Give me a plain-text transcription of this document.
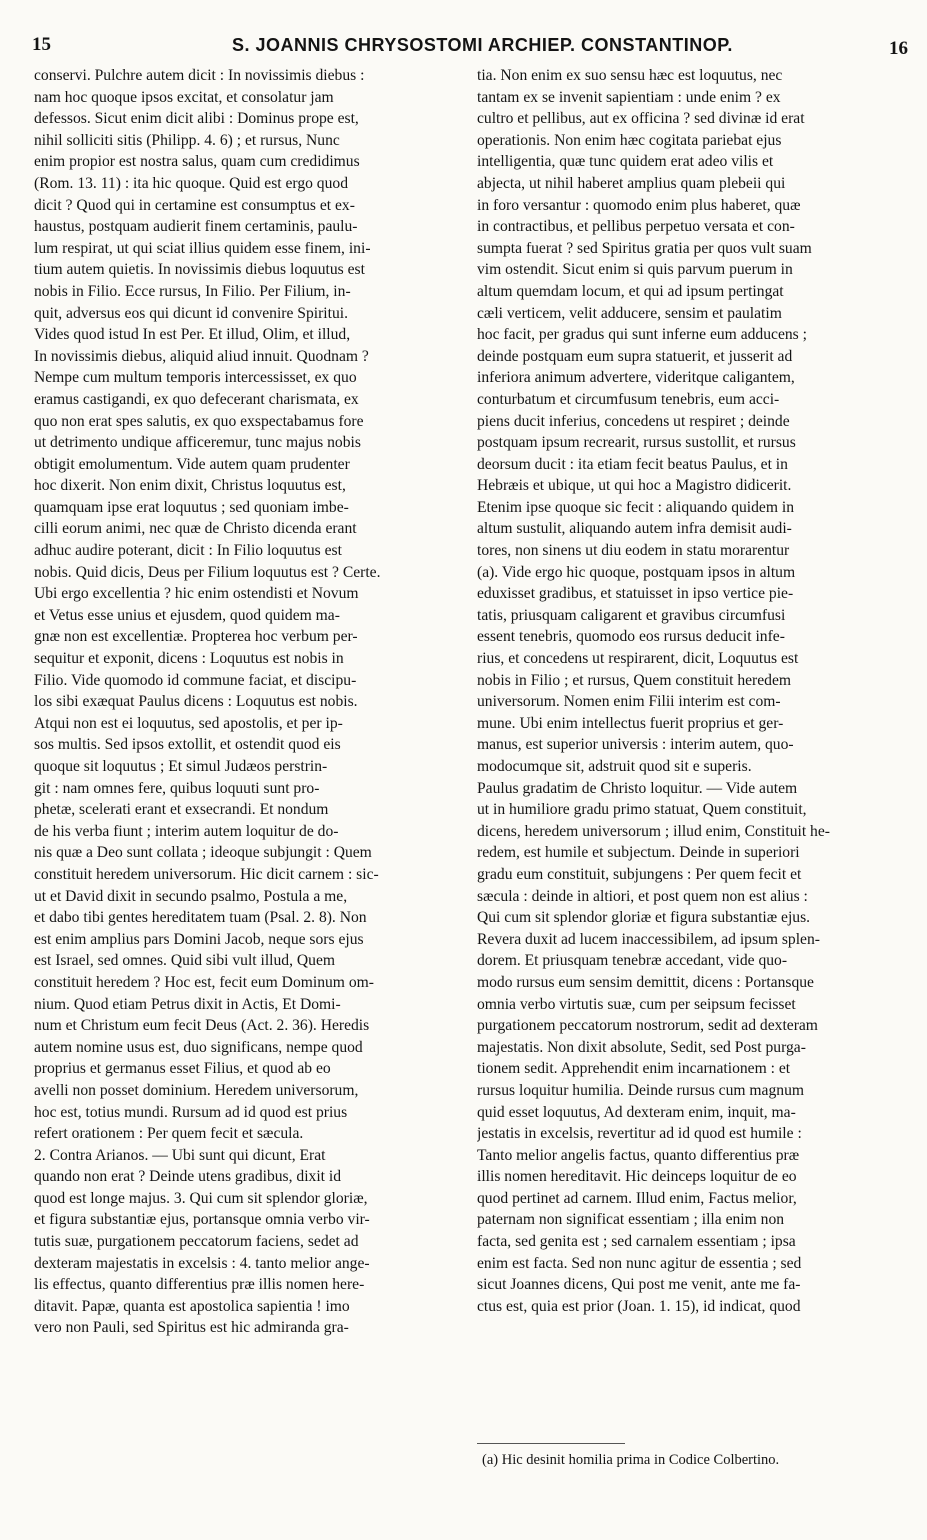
15	S. JOANNIS CHRYSOSTOMI ARCHIEP. CONSTANTINOP.	16
conservi. Pulchre autem dicit : In novissimis diebus :
nam hoc quoque ipsos excitat, et consolatur jam
defessos. Sicut enim dicit alibi : Dominus prope est,
nihil solliciti sitis (Philipp. 4. 6) ; et rursus, Nunc
enim propior est nostra salus, quam cum credidimus
(Rom. 13. 11) : ita hic quoque. Quid est ergo quod
dicit ? Quod qui in certamine est consumptus et ex-
haustus, postquam audierit finem certaminis, paulu-
lum respirat, ut qui sciat illius quidem esse finem, ini-
tium autem quietis. In novissimis diebus loquutus est
nobis in Filio. Ecce rursus, In Filio. Per Filium, in-
quit, adversus eos qui dicunt id convenire Spiritui.
Vides quod istud In est Per. Et illud, Olim, et illud,
In novissimis diebus, aliquid aliud innuit. Quodnam ?
Nempe cum multum temporis intercessisset, ex quo
eramus castigandi, ex quo defecerant charismata, ex
quo non erat spes salutis, ex quo exspectabamus fore
ut detrimento undique afficeremur, tunc majus nobis
obtigit emolumentum. Vide autem quam prudenter
hoc dixerit. Non enim dixit, Christus loquutus est,
quamquam ipse erat loquutus ; sed quoniam imbe-
cilli eorum animi, nec quæ de Christo dicenda erant
adhuc audire poterant, dicit : In Filio loquutus est
nobis. Quid dicis, Deus per Filium loquutus est ? Certe.
Ubi ergo excellentia ? hic enim ostendisti et Novum
et Vetus esse unius et ejusdem, quod quidem ma-
gnæ non est excellentiæ. Propterea hoc verbum per-
sequitur et exponit, dicens : Loquutus est nobis in
Filio. Vide quomodo id commune faciat, et discipu-
los sibi exæquat Paulus dicens : Loquutus est nobis.
Atqui non est ei loquutus, sed apostolis, et per ip-
sos multis. Sed ipsos extollit, et ostendit quod eis
quoque sit loquutus ; Et simul Judæos perstrin-
git : nam omnes fere, quibus loquuti sunt pro-
phetæ, scelerati erant et exsecrandi. Et nondum
de his verba fiunt ; interim autem loquitur de do-
nis quæ a Deo sunt collata ; ideoque subjungit : Quem
constituit heredem universorum. Hic dicit carnem : sic-
ut et David dixit in secundo psalmo, Postula a me,
et dabo tibi gentes hereditatem tuam (Psal. 2. 8). Non
est enim amplius pars Domini Jacob, neque sors ejus
est Israel, sed omnes. Quid sibi vult illud, Quem
constituit heredem ? Hoc est, fecit eum Dominum om-
nium. Quod etiam Petrus dixit in Actis, Et Domi-
num et Christum eum fecit Deus (Act. 2. 36). Heredis
autem nomine usus est, duo significans, nempe quod
proprius et germanus esset Filius, et quod ab eo
avelli non posset dominium. Heredem universorum,
hoc est, totius mundi. Rursum ad id quod est prius
refert orationem : Per quem fecit et sæcula.
2. Contra Arianos. — Ubi sunt qui dicunt, Erat
quando non erat ? Deinde utens gradibus, dixit id
quod est longe majus. 3. Qui cum sit splendor gloriæ,
et figura substantiæ ejus, portansque omnia verbo vir-
tutis suæ, purgationem peccatorum faciens, sedet ad
dexteram majestatis in excelsis : 4. tanto melior ange-
lis effectus, quanto differentius præ illis nomen here-
ditavit. Papæ, quanta est apostolica sapientia ! imo
vero non Pauli, sed Spiritus est hic admiranda gra-
tia. Non enim ex suo sensu hæc est loquutus, nec
tantam ex se invenit sapientiam : unde enim ? ex
cultro et pellibus, aut ex officina ? sed divinæ id erat
operationis. Non enim hæc cogitata pariebat ejus
intelligentia, quæ tunc quidem erat adeo vilis et
abjecta, ut nihil haberet amplius quam plebeii qui
in foro versantur : quomodo enim plus haberet, quæ
in contractibus, et pellibus perpetuo versata et con-
sumpta fuerat ? sed Spiritus gratia per quos vult suam
vim ostendit. Sicut enim si quis parvum puerum in
altum quemdam locum, et qui ad ipsum pertingat
cæli verticem, velit adducere, sensim et paulatim
hoc facit, per gradus qui sunt inferne eum adducens ;
deinde postquam eum supra statuerit, et jusserit ad
inferiora animum advertere, videritque caligantem,
conturbatum et circumfusum tenebris, eum acci-
piens ducit inferius, concedens ut respiret ; deinde
postquam ipsum recrearit, rursus sustollit, et rursus
deorsum ducit : ita etiam fecit beatus Paulus, et in
Hebræis et ubique, ut qui hoc a Magistro didicerit.
Etenim ipse quoque sic fecit : aliquando quidem in
altum sustulit, aliquando autem infra demisit audi-
tores, non sinens ut diu eodem in statu morarentur
(a). Vide ergo hic quoque, postquam ipsos in altum
eduxisset gradibus, et statuisset in ipso vertice pie-
tatis, priusquam caligarent et gravibus circumfusi
essent tenebris, quomodo eos rursus deducit infe-
rius, et concedens ut respirarent, dicit, Loquutus est
nobis in Filio ; et rursus, Quem constituit heredem
universorum. Nomen enim Filii interim est com-
mune. Ubi enim intellectus fuerit proprius et ger-
manus, est superior universis : interim autem, quo-
modocumque sit, adstruit quod sit e superis.
Paulus gradatim de Christo loquitur. — Vide autem
ut in humiliore gradu primo statuat, Quem constituit,
dicens, heredem universorum ; illud enim, Constituit he-
redem, est humile et subjectum. Deinde in superiori
gradu eum constituit, subjungens : Per quem fecit et
sæcula : deinde in altiori, et post quem non est alius :
Qui cum sit splendor gloriæ et figura substantiæ ejus.
Revera duxit ad lucem inaccessibilem, ad ipsum splen-
dorem. Et priusquam tenebræ accedant, vide quo-
modo rursus eum sensim demittit, dicens : Portansque
omnia verbo virtutis suæ, cum per seipsum fecisset
purgationem peccatorum nostrorum, sedit ad dexteram
majestatis. Non dixit absolute, Sedit, sed Post purga-
tionem sedit. Apprehendit enim incarnationem : et
rursus loquitur humilia. Deinde rursus cum magnum
quid esset loquutus, Ad dexteram enim, inquit, ma-
jestatis in excelsis, revertitur ad id quod est humile :
Tanto melior angelis factus, quanto differentius præ
illis nomen hereditavit. Hic deinceps loquitur de eo
quod pertinet ad carnem. Illud enim, Factus melior,
paternam non significat essentiam ; illa enim non
facta, sed genita est ; sed carnalem essentiam ; ipsa
enim est facta. Sed non nunc agitur de essentia ; sed
sicut Joannes dicens, Qui post me venit, ante me fa-
ctus est, quia est prior (Joan. 1. 15), id indicat, quod
(a) Hic desinit homilia prima in Codice Colbertino.
